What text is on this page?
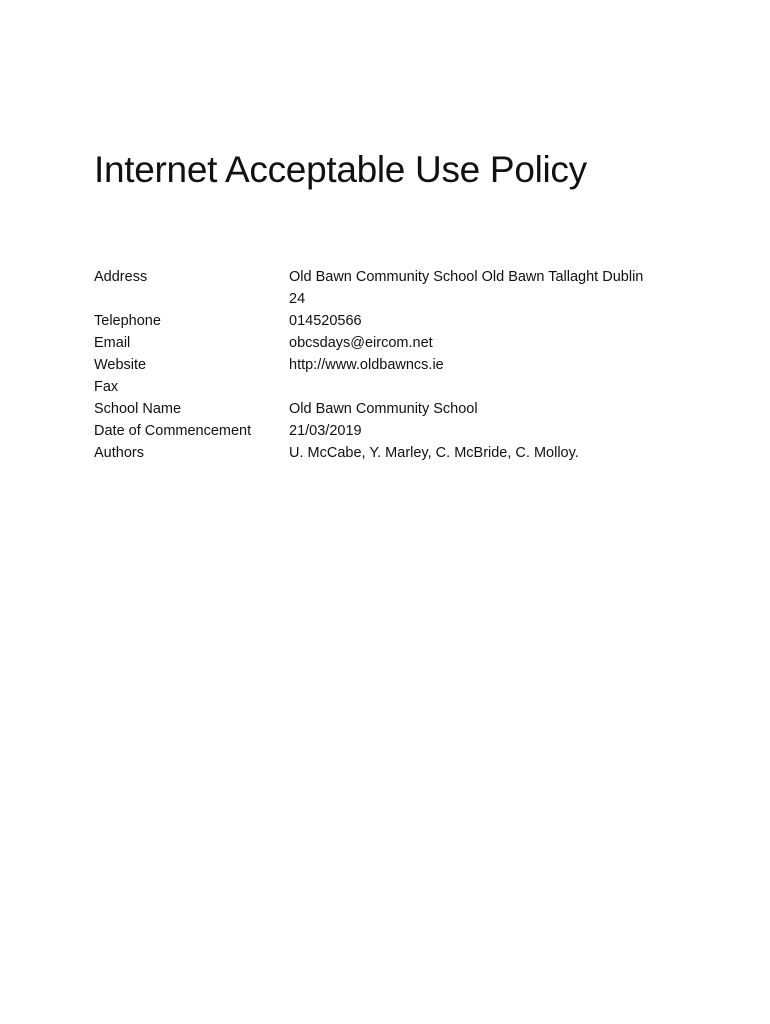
Internet Acceptable Use Policy
Address	Old Bawn Community School Old Bawn Tallaght Dublin 24
Telephone	014520566
Email	obcsdays@eircom.net
Website	http://www.oldbawncs.ie
Fax	
School Name	Old Bawn Community School
Date of Commencement	21/03/2019
Authors	U. McCabe, Y. Marley, C. McBride, C. Molloy.
